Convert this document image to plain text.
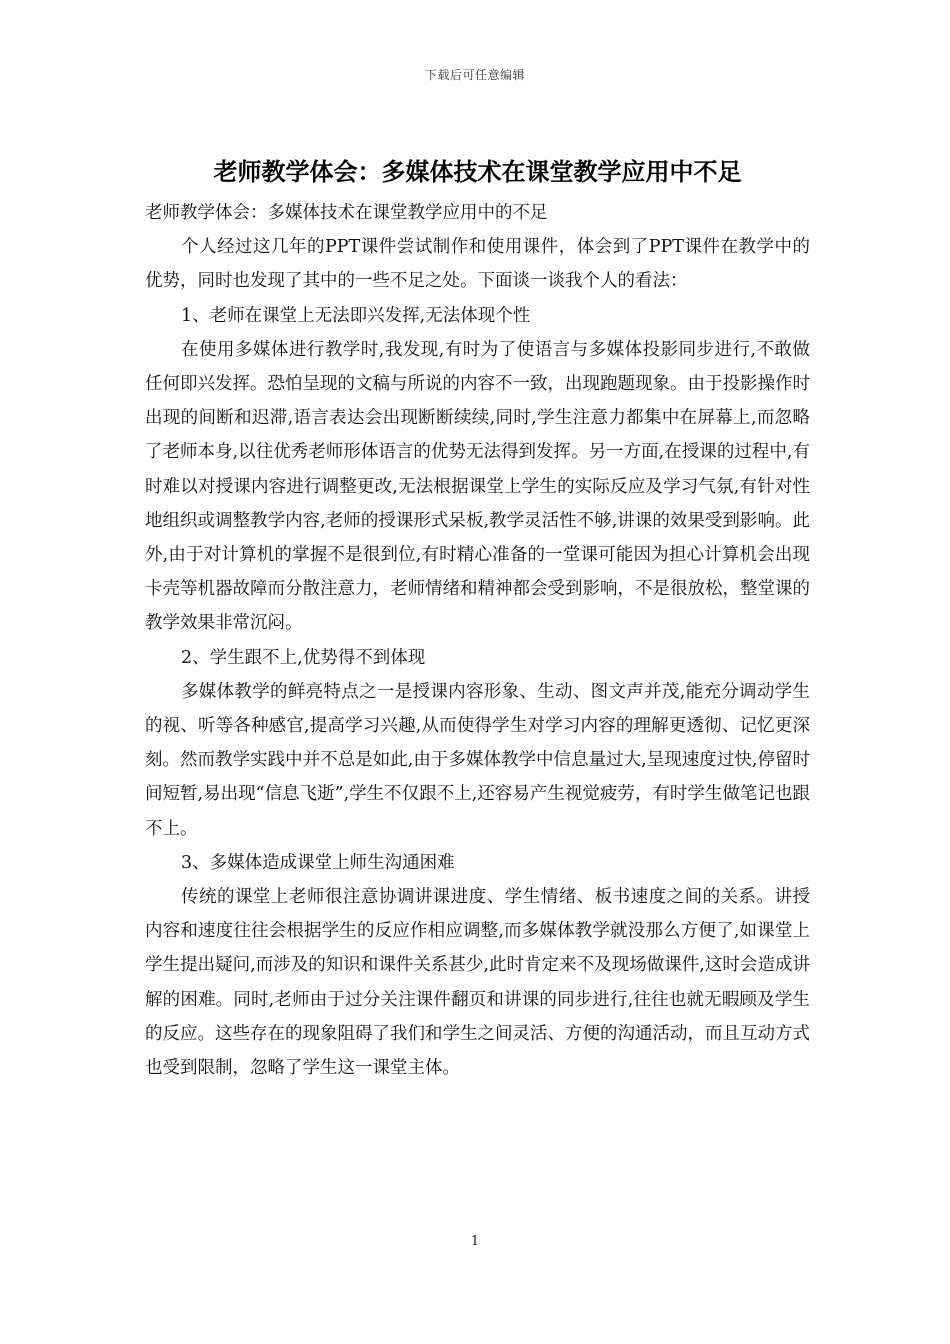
下载后可任意编辑
老师教学体会：多媒体技术在课堂教学应用中不足

老师教学体会：多媒体技术在课堂教学应用中的不足

个人经过这几年的PPT课件尝试制作和使用课件，体会到了PPT课件在教学中的优势，同时也发现了其中的一些不足之处。下面谈一谈我个人的看法：

1、老师在课堂上无法即兴发挥,无法体现个性

在使用多媒体进行教学时,我发现,有时为了使语言与多媒体投影同步进行,不敢做任何即兴发挥。恐怕呈现的文稿与所说的内容不一致，出现跑题现象。由于投影操作时出现的间断和迟滞,语言表达会出现断断续续,同时,学生注意力都集中在屏幕上,而忽略了老师本身,以往优秀老师形体语言的优势无法得到发挥。另一方面,在授课的过程中,有时难以对授课内容进行调整更改,无法根据课堂上学生的实际反应及学习气氛,有针对性地组织或调整教学内容,老师的授课形式呆板,教学灵活性不够,讲课的效果受到影响。此外,由于对计算机的掌握不是很到位,有时精心准备的一堂课可能因为担心计算机会出现卡壳等机器故障而分散注意力，老师情绪和精神都会受到影响，不是很放松，整堂课的教学效果非常沉闷。

2、学生跟不上,优势得不到体现

多媒体教学的鲜亮特点之一是授课内容形象、生动、图文声并茂,能充分调动学生的视、听等各种感官,提高学习兴趣,从而使得学生对学习内容的理解更透彻、记忆更深刻。然而教学实践中并不总是如此,由于多媒体教学中信息量过大,呈现速度过快,停留时间短暂,易出现“信息飞逝”,学生不仅跟不上,还容易产生视觉疲劳，有时学生做笔记也跟不上。

3、多媒体造成课堂上师生沟通困难

传统的课堂上老师很注意协调讲课进度、学生情绪、板书速度之间的关系。讲授内容和速度往往会根据学生的反应作相应调整,而多媒体教学就没那么方便了,如课堂上学生提出疑问,而涉及的知识和课件关系甚少,此时肯定来不及现场做课件,这时会造成讲解的困难。同时,老师由于过分关注课件翻页和讲课的同步进行,往往也就无暇顾及学生的反应。这些存在的现象阻碍了我们和学生之间灵活、方便的沟通活动，而且互动方式也受到限制，忽略了学生这一课堂主体。

1
